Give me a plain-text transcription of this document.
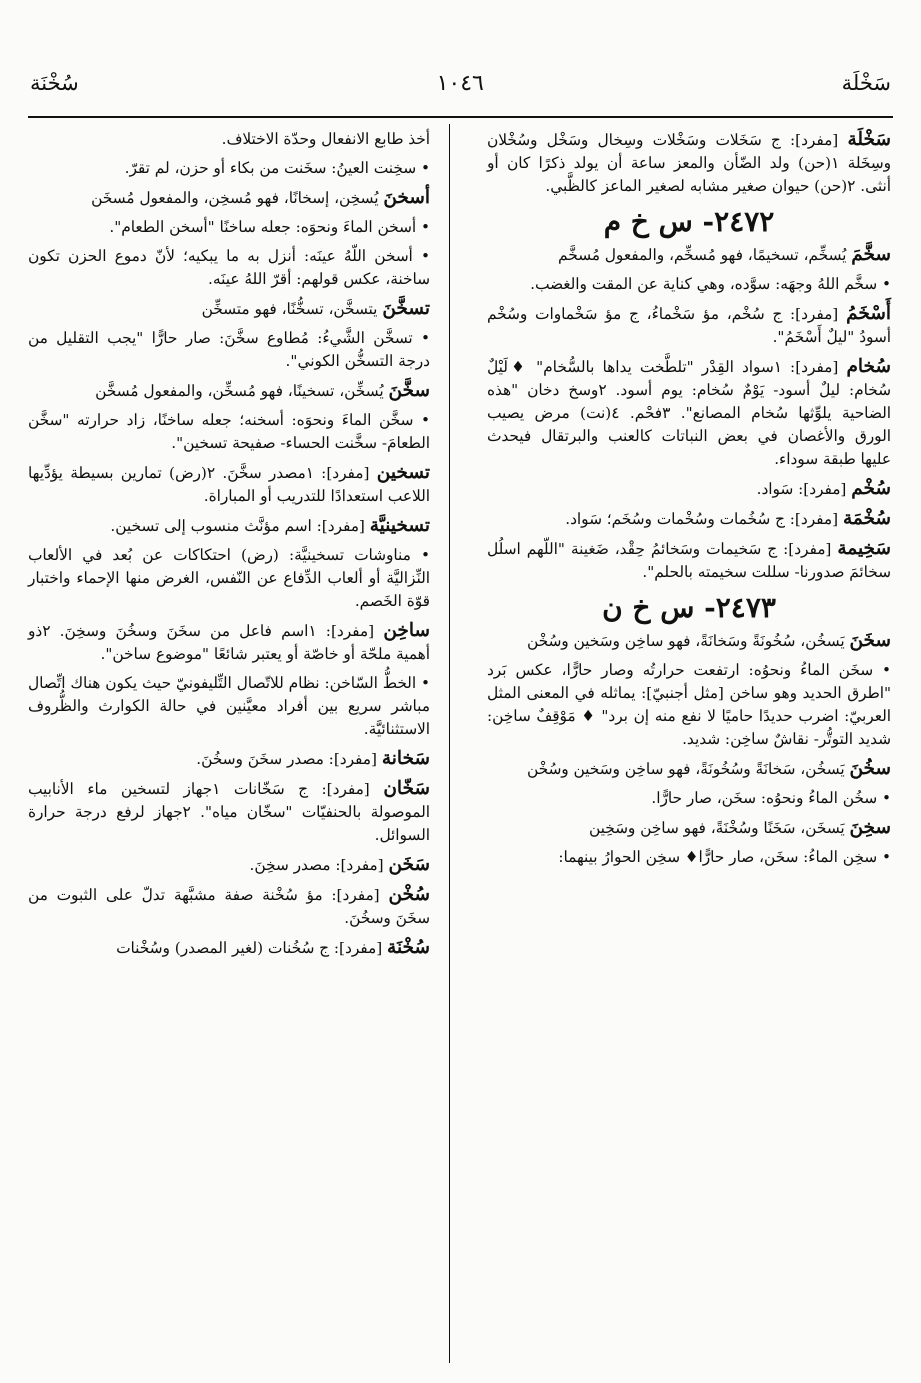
سَخْلَة
١٠٤٦
سُخْنَة

سَخْلَة [مفرد]: ج سَخَلات وسَخْلات وسِخال وسَخْل وسُخْلان وسِخَلة ١(حن) ولد الضّأن والمعز ساعة أن يولد ذكرًا كان أو أنثى. ٢(حن) حيوان صغير مشابه لصغير الماعز كالظَّبي.

٢٤٧٢- س خ م

سخَّمَ يُسخِّم، تسخيمًا، فهو مُسخِّم، والمفعول مُسخَّم

• سخَّم اللهُ وجهَه: سوَّده، وهي كناية عن المقت والغضب.

أَسْخَمُ [مفرد]: ج سُخْم، مؤ سَخْماءُ، ج مؤ سَخْماوات وسُخْم أسودُ "ليلٌ أَسْخَمُ".

سُخام [مفرد]: ١سواد القِدْر "تلطَّخت يداها بالسُّخام" ♦لَيْلٌ سُخام: ليلٌ أسود- يَوْمٌ سُخام: يوم أسود. ٢وسخ دخان "هذه الضاحية يلوِّثها سُخام المصانع". ٣فحْم. ٤(نت) مرض يصيب الورق والأغصان في بعض النباتات كالعنب والبرتقال فيحدث عليها طبقة سوداء.

سُخْم [مفرد]: سَواد.

سُخْمَة [مفرد]: ج سُخُمات وسُخْمات وسُخَم؛ سَواد.

سَخِيمة [مفرد]: ج سَخيمات وسَخائمُ حِقْد، ضَغينة "اللّهم اسلُل سخائمَ صدورنا- سللت سخيمته بالحلم".

٢٤٧٣- س خ ن

سخَنَ يَسخُن، سُخُونَةً وسَخانَةً، فهو ساخِن وسَخين وسُخْن

• سخَن الماءُ ونحوُه: ارتفعت حرارتُه وصار حارًّا، عكس بَرد "اطرق الحديد وهو ساخن [مثل أجنبيّ]: يماثله في المعنى المثل العربيّ: اضرب حديدًا حاميًا لا نفع منه إن برد" ♦ مَوْقِفٌ ساخِن: شديد التوتُّر- نقاشٌ ساخِن: شديد.

سخُنَ يَسخُن، سَخانَةً وسُخُونَةً، فهو ساخِن وسَخين وسُخْن

• سخُن الماءُ ونحوُه: سخَن، صار حارًّا.

سخِنَ يَسخَن، سَخَنًا وسُخْنَةً، فهو ساخِن وسَخِين

• سخِن الماءُ: سخَن، صار حارًّا♦ سخِن الحوارُ بينهما:

أخذ طابع الانفعال وحدّة الاختلاف.

• سخِنت العينُ: سخَنت من بكاء أو حزن، لم تقرّ.

أسخنَ يُسخِن، إسخانًا، فهو مُسخِن، والمفعول مُسخَن

• أسخن الماءَ ونحوَه: جعله ساخنًا "أسخن الطعام".

• أسخن اللّهُ عينَه: أنزل به ما يبكيه؛ لأنّ دموع الحزن تكون ساخنة، عكس قولهم: أقرّ اللهُ عينَه.

تسخَّنَ يتسخَّن، تسخُّنًا، فهو متسخِّن

• تسخَّن الشَّيءُ: مُطاوع سخَّنَ: صار حارًّا "يجب التقليل من درجة التسخُّن الكوني".

سخَّنَ يُسخِّن، تسخينًا، فهو مُسخِّن، والمفعول مُسخَّن

• سخَّن الماءَ ونحوَه: أسخنه؛ جعله ساخنًا، زاد حرارته "سخَّن الطعامَ- سخَّنت الحساء- صفيحة تسخين".

تسخين [مفرد]: ١مصدر سخَّنَ. ٢(رض) تمارين بسيطة يؤدِّيها اللاعب استعدادًا للتدريب أو المباراة.

تسخينيَّة [مفرد]: اسم مؤنَّث منسوب إلى تسخين.

• مناوشات تسخينيَّة: (رض) احتكاكات عن بُعد في الألعاب النِّزاليَّة أو ألعاب الدِّفاع عن النّفس، الغرض منها الإحماء واختبار قوّة الخَصم.

ساخِن [مفرد]: ١اسم فاعل من سخَنَ وسخُنَ وسخِنَ. ٢ذو أهمية ملحّة أو خاصّة أو يعتبر شائعًا "موضوع ساخن".

• الخطُّ السّاخن: نظام للاتّصال التِّليفونيّ حيث يكون هناك اتِّصال مباشر سريع بين أفراد معيَّنين في حالة الكوارث والظُّروف الاستثنائيَّة.

سَخانة [مفرد]: مصدر سخَنَ وسخُنَ.

سَخّان [مفرد]: ج سَخّانات ١جهاز لتسخين ماء الأنابيب الموصولة بالحنفيّات "سخّان مياه". ٢جهاز لرفع درجة حرارة السوائل.

سَخَن [مفرد]: مصدر سخِنَ.

سُخْن [مفرد]: مؤ سُخْنة صفة مشبَّهة تدلّ على الثبوت من سخَنَ وسخُنَ.

سُخْنَة [مفرد]: ج سُخُنات (لغير المصدر) وسُخْنات
